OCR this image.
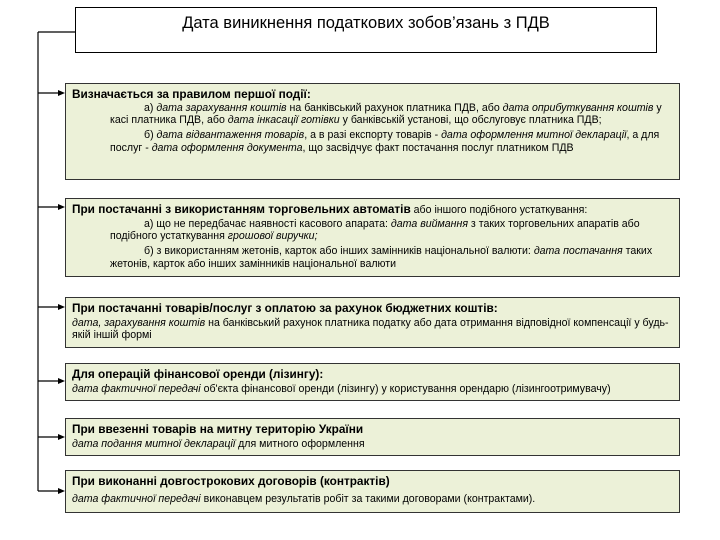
Дата виникнення податкових зобов’язань з ПДВ
Визначається за правилом першої події:
а) дата зарахування коштів на банківський рахунок платника ПДВ, або дата оприбуткування коштів у касі платника ПДВ, або дата інкасації готівки у банківській установі, що обслуговує платника ПДВ;
б) дата відвантаження товарів, а в разі експорту товарів - дата оформлення митної декларації, а для послуг - дата оформлення документа, що засвідчує факт постачання послуг платником ПДВ
При постачанні з використанням торговельних автоматів або іншого подібного устаткування:
а) що не передбачає наявності касового апарата: дата виймання з таких торговельних апаратів або подібного устаткування грошової виручки;
б) з використанням жетонів, карток або інших замінників національної валюти: дата постачання таких жетонів, карток або інших замінників національної валюти
При постачанні товарів/послуг з оплатою за рахунок бюджетних коштів:
дата, зарахування коштів на банківський рахунок платника податку або дата отримання відповідної компенсації у будь-якій іншій формі
Для операцій фінансової оренди (лізингу):
дата фактичної передачі об'єкта фінансової оренди (лізингу) у користування орендарю (лізингоотримувачу)
При ввезенні товарів на митну територію України
дата подання митної декларації для митного оформлення
При виконанні довгострокових договорів (контрактів)
дата фактичної передачі виконавцем результатів робіт за такими договорами (контрактами).
